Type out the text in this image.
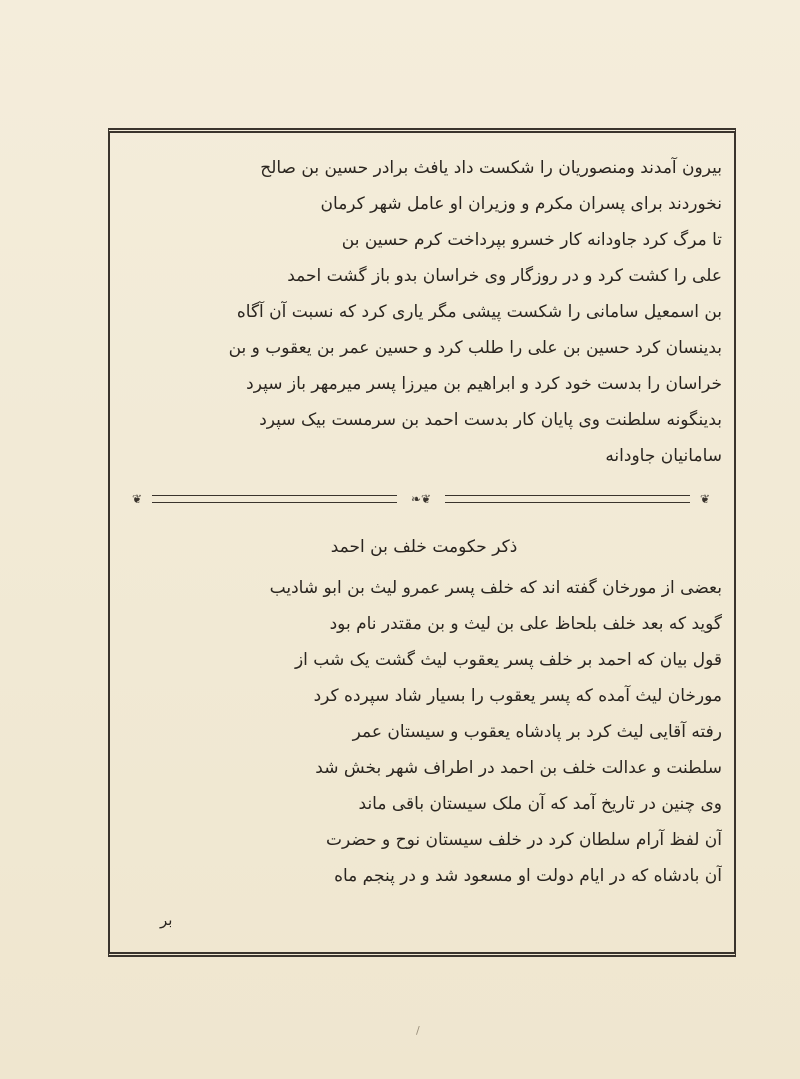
بیرون آمدند ومنصوریان را شکست داد یافث برادر حسین بن صالح
نخوردند برای پسران مکرم و وزیران او عامل شهر کرمان
تا مرگ کرد جاودانه کار خسرو بپرداخت کرم حسین بن
علی را کشت کرد و در روزگار وی خراسان بدو باز گشت احمد
بن اسمعیل سامانی را شکست پیشی مگر یاری کرد که نسبت آن آگاه
بدینسان کرد حسین بن علی را طلب کرد و حسین عمر بن یعقوب و بن
خراسان را بدست خود کرد و ابراهیم بن میرزا پسر میرمهر باز سپرد
بدینگونه سلطنت وی پایان کار بدست احمد بن سرمست بیک سپرد
سامانیان جاودانه
❦	❧❦	❦
ذکر حکومت خلف بن احمد
بعضی از مورخان گفته اند که خلف پسر عمرو لیث بن ابو شادیب
گوید که بعد خلف بلحاظ علی بن لیث و بن مقتدر نام بود
قول بیان که احمد بر خلف پسر یعقوب لیث گشت یک شب از
مورخان لیث آمده که پسر یعقوب را بسیار شاد سپرده کرد
رفته آقایی لیث کرد بر پادشاه یعقوب و سیستان عمر
سلطنت و عدالت خلف بن احمد در اطراف شهر بخش شد
وی چنین در تاریخ آمد که آن ملک سیستان باقی ماند
آن لفظ آرام سلطان کرد در خلف سیستان نوح و حضرت
آن بادشاه که در ایام دولت او مسعود شد و در پنجم ماه
بر
/
